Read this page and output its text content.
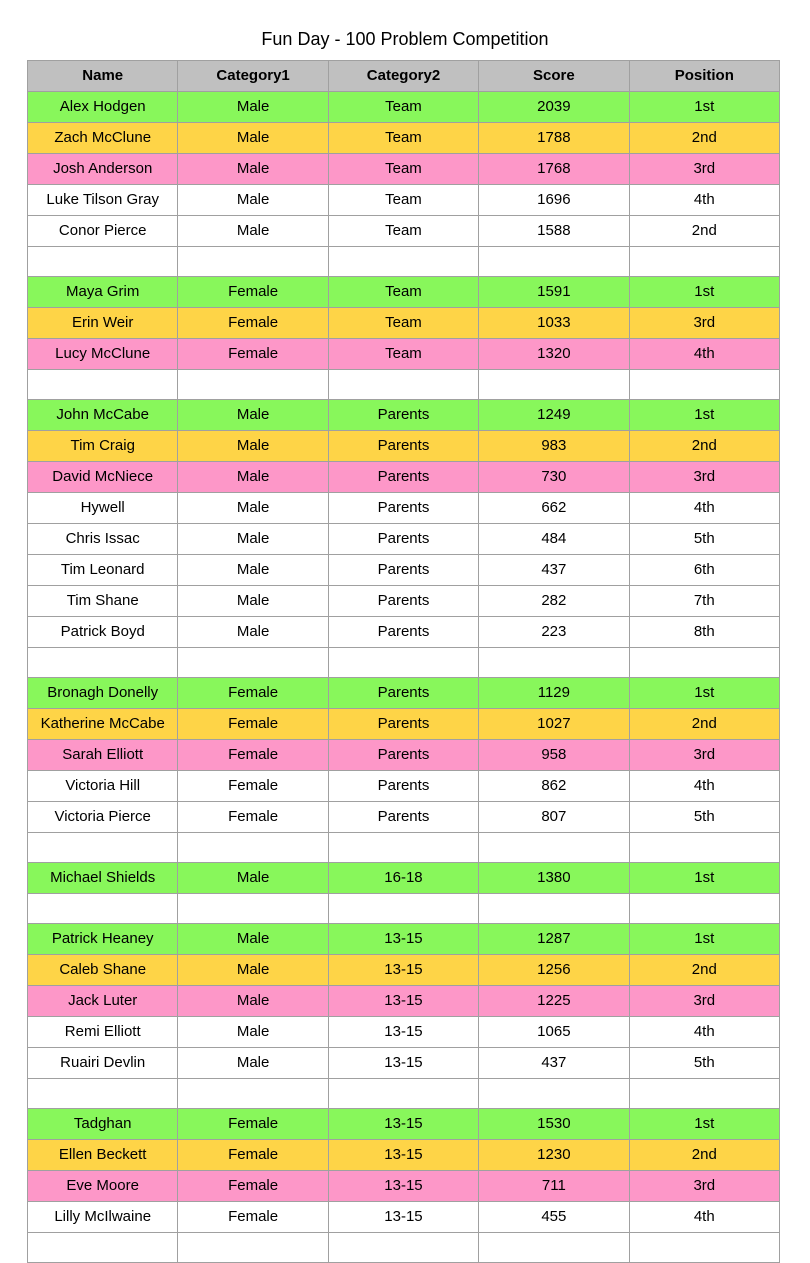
Fun Day - 100 Problem Competition
Name	Category1	Category2	Score	Position
Alex Hodgen	Male	Team	2039	1st
Zach McClune	Male	Team	1788	2nd
Josh Anderson	Male	Team	1768	3rd
Luke Tilson Gray	Male	Team	1696	4th
Conor Pierce	Male	Team	1588	2nd

Maya Grim	Female	Team	1591	1st
Erin Weir	Female	Team	1033	3rd
Lucy McClune	Female	Team	1320	4th

John McCabe	Male	Parents	1249	1st
Tim Craig	Male	Parents	983	2nd
David McNiece	Male	Parents	730	3rd
Hywell	Male	Parents	662	4th
Chris Issac	Male	Parents	484	5th
Tim Leonard	Male	Parents	437	6th
Tim Shane	Male	Parents	282	7th
Patrick Boyd	Male	Parents	223	8th

Bronagh Donelly	Female	Parents	1129	1st
Katherine McCabe	Female	Parents	1027	2nd
Sarah Elliott	Female	Parents	958	3rd
Victoria Hill	Female	Parents	862	4th
Victoria Pierce	Female	Parents	807	5th

Michael Shields	Male	16-18	1380	1st

Patrick Heaney	Male	13-15	1287	1st
Caleb Shane	Male	13-15	1256	2nd
Jack Luter	Male	13-15	1225	3rd
Remi Elliott	Male	13-15	1065	4th
Ruairi Devlin	Male	13-15	437	5th

Tadghan	Female	13-15	1530	1st
Ellen Beckett	Female	13-15	1230	2nd
Eve Moore	Female	13-15	711	3rd
Lilly McIlwaine	Female	13-15	455	4th
